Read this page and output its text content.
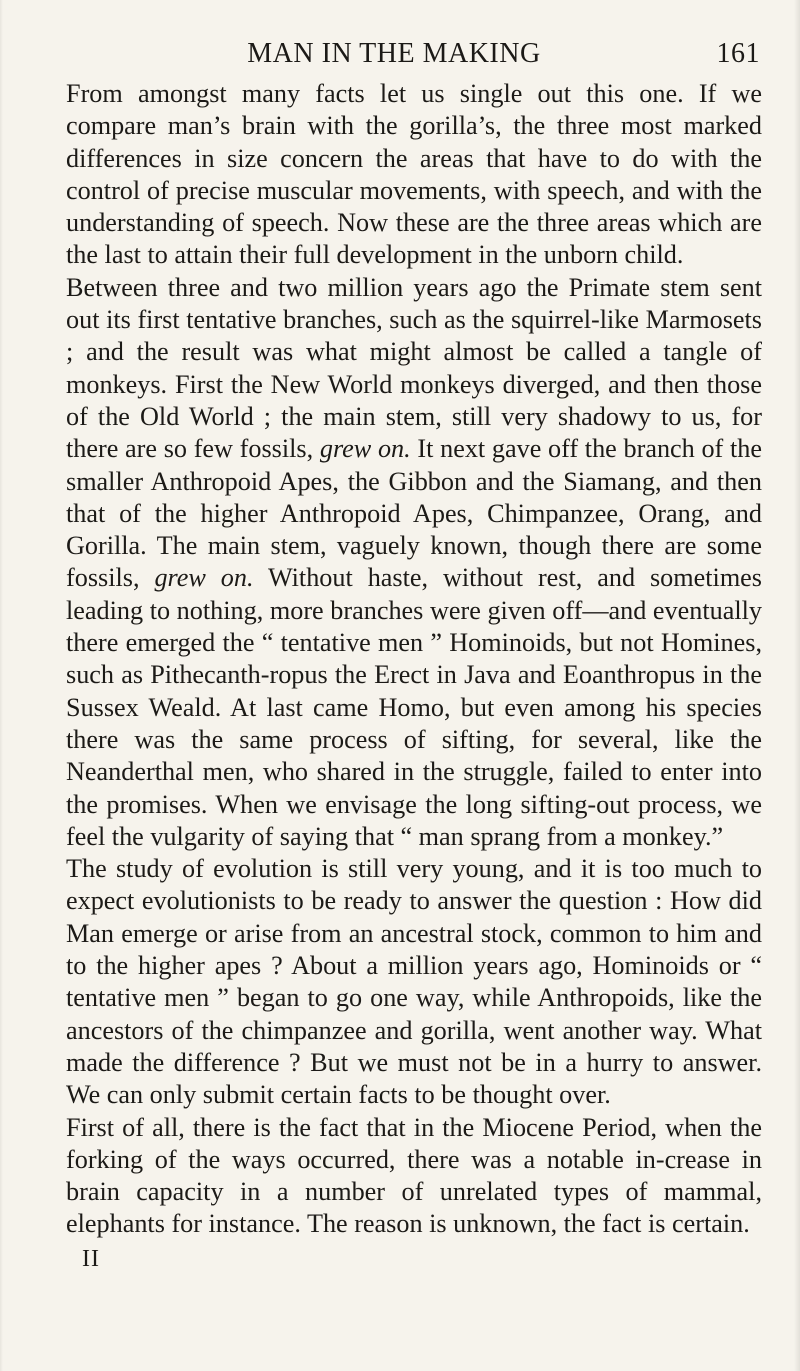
MAN IN THE MAKING	161

From amongst many facts let us single out this one. If we compare man’s brain with the gorilla’s, the three most marked differences in size concern the areas that have to do with the control of precise muscular movements, with speech, and with the understanding of speech. Now these are the three areas which are the last to attain their full development in the unborn child.

Between three and two million years ago the Primate stem sent out its first tentative branches, such as the squirrel-like Marmosets ; and the result was what might almost be called a tangle of monkeys. First the New World monkeys diverged, and then those of the Old World ; the main stem, still very shadowy to us, for there are so few fossils, grew on. It next gave off the branch of the smaller Anthropoid Apes, the Gibbon and the Siamang, and then that of the higher Anthropoid Apes, Chimpanzee, Orang, and Gorilla. The main stem, vaguely known, though there are some fossils, grew on. Without haste, without rest, and sometimes leading to nothing, more branches were given off—and eventually there emerged the “ tentative men ” Hominoids, but not Homines, such as Pithecanth-ropus the Erect in Java and Eoanthropus in the Sussex Weald. At last came Homo, but even among his species there was the same process of sifting, for several, like the Neanderthal men, who shared in the struggle, failed to enter into the promises. When we envisage the long sifting-out process, we feel the vulgarity of saying that “ man sprang from a monkey.”

The study of evolution is still very young, and it is too much to expect evolutionists to be ready to answer the question : How did Man emerge or arise from an ancestral stock, common to him and to the higher apes ? About a million years ago, Hominoids or “ tentative men ” began to go one way, while Anthropoids, like the ancestors of the chimpanzee and gorilla, went another way. What made the difference ? But we must not be in a hurry to answer. We can only submit certain facts to be thought over.

First of all, there is the fact that in the Miocene Period, when the forking of the ways occurred, there was a notable in-crease in brain capacity in a number of unrelated types of mammal, elephants for instance. The reason is unknown, the fact is certain.

II
